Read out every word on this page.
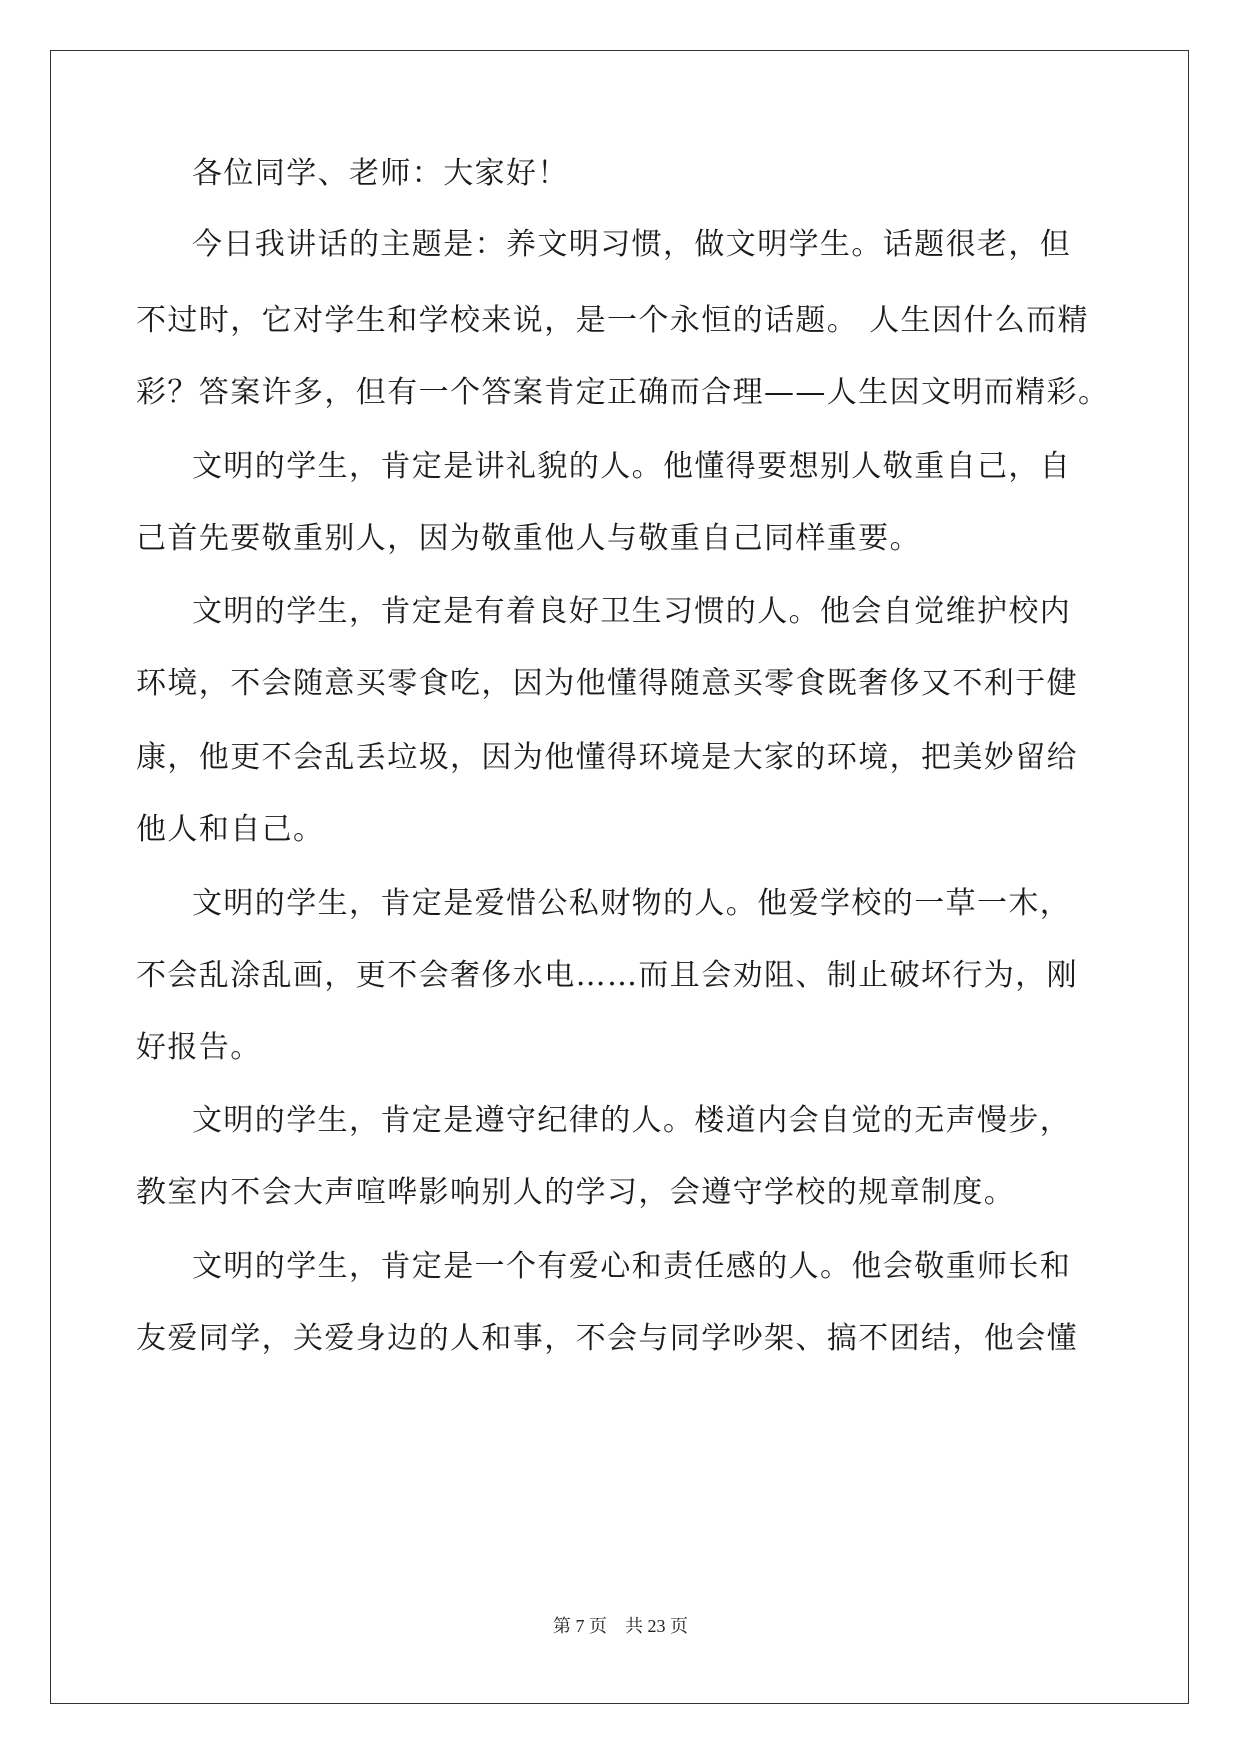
各位同学、老师：大家好！
今日我讲话的主题是：养文明习惯，做文明学生。话题很老，但
不过时，它对学生和学校来说，是一个永恒的话题。 人生因什么而精
彩？答案许多，但有一个答案肯定正确而合理——人生因文明而精彩。
文明的学生，肯定是讲礼貌的人。他懂得要想别人敬重自己，自
己首先要敬重别人，因为敬重他人与敬重自己同样重要。
文明的学生，肯定是有着良好卫生习惯的人。他会自觉维护校内
环境，不会随意买零食吃，因为他懂得随意买零食既奢侈又不利于健
康，他更不会乱丢垃圾，因为他懂得环境是大家的环境，把美妙留给
他人和自己。
文明的学生，肯定是爱惜公私财物的人。他爱学校的一草一木，
不会乱涂乱画，更不会奢侈水电……而且会劝阻、制止破坏行为，刚
好报告。
文明的学生，肯定是遵守纪律的人。楼道内会自觉的无声慢步，
教室内不会大声喧哗影响别人的学习，会遵守学校的规章制度。
文明的学生，肯定是一个有爱心和责任感的人。他会敬重师长和
友爱同学，关爱身边的人和事，不会与同学吵架、搞不团结，他会懂
第 7 页    共 23 页
